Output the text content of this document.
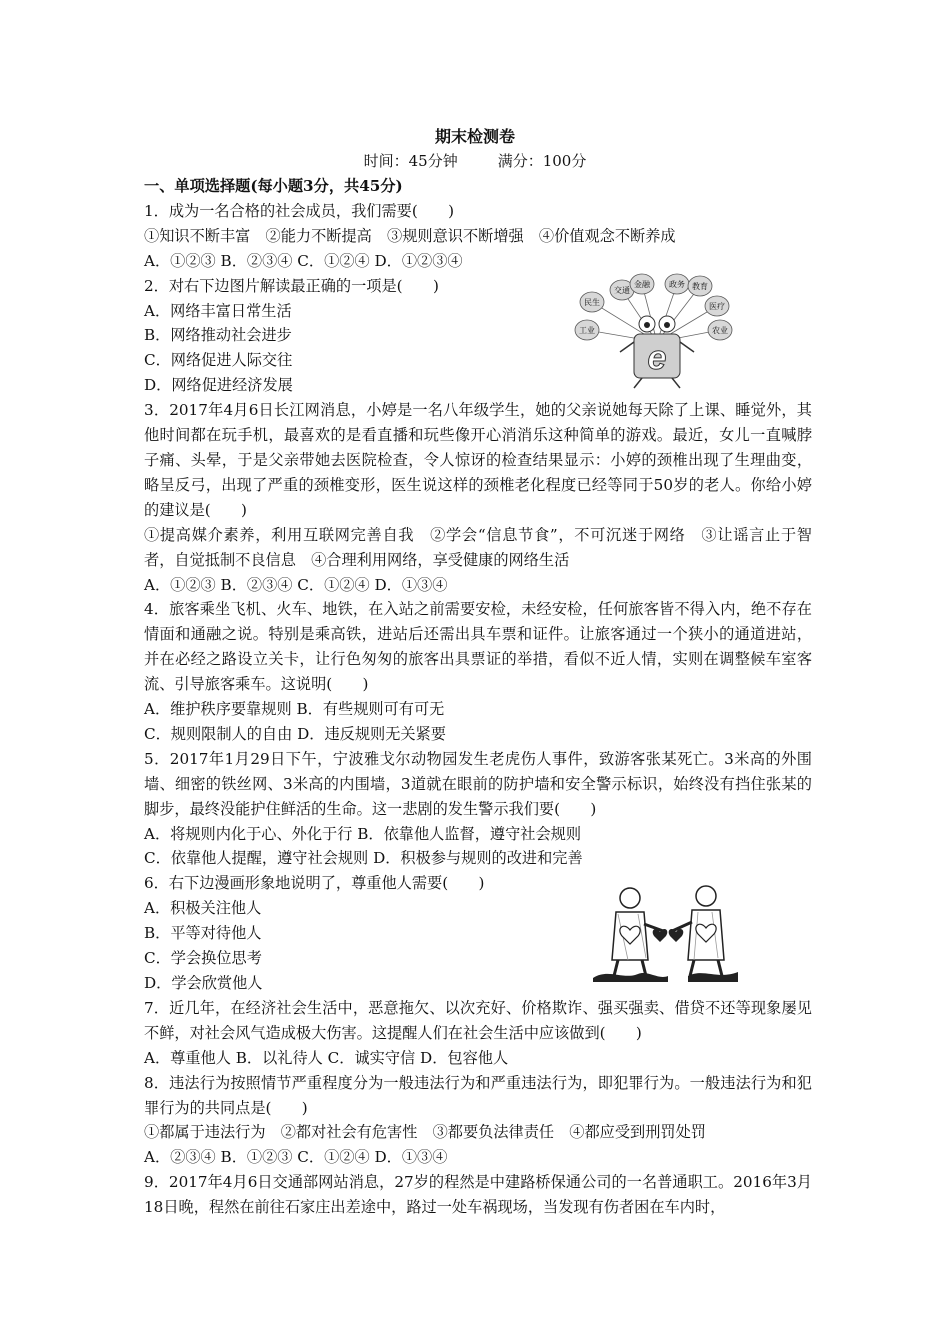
期末检测卷
时间：45分钟	满分：100分

一、单项选择题(每小题3分，共45分)

1．成为一名合格的社会成员，我们需要(　　)

①知识不断丰富　②能力不断提高　③规则意识不断增强　④价值观念不断养成

A．①②③ B．②③④ C．①②④ D．①②③④

2．对右下边图片解读最正确的一项是(　　)

A．网络丰富日常生活

B．网络推动社会进步

C．网络促进人际交往

D．网络促进经济发展

3．2017年4月6日长江网消息，小婷是一名八年级学生，她的父亲说她每天除了上课、睡觉外，其他时间都在玩手机，最喜欢的是看直播和玩些像开心消消乐这种简单的游戏。最近，女儿一直喊脖子痛、头晕，于是父亲带她去医院检查，令人惊讶的检查结果显示：小婷的颈椎出现了生理曲变，略呈反弓，出现了严重的颈椎变形，医生说这样的颈椎老化程度已经等同于50岁的老人。你给小婷的建议是(　　)

①提高媒介素养，利用互联网完善自我　②学会“信息节食”，不可沉迷于网络　③让谣言止于智者，自觉抵制不良信息　④合理利用网络，享受健康的网络生活

A．①②③ B．②③④ C．①②④ D．①③④

4．旅客乘坐飞机、火车、地铁，在入站之前需要安检，未经安检，任何旅客皆不得入内，绝不存在情面和通融之说。特别是乘高铁，进站后还需出具车票和证件。让旅客通过一个狭小的通道进站，并在必经之路设立关卡，让行色匆匆的旅客出具票证的举措，看似不近人情，实则在调整候车室客流、引导旅客乘车。这说明(　　)

A．维护秩序要靠规则 B．有些规则可有可无

C．规则限制人的自由 D．违反规则无关紧要

5．2017年1月29日下午，宁波雅戈尔动物园发生老虎伤人事件，致游客张某死亡。3米高的外围墙、细密的铁丝网、3米高的内围墙，3道就在眼前的防护墙和安全警示标识，始终没有挡住张某的脚步，最终没能护住鲜活的生命。这一悲剧的发生警示我们要(　　)

A．将规则内化于心、外化于行 B．依靠他人监督，遵守社会规则

C．依靠他人提醒，遵守社会规则 D．积极参与规则的改进和完善

6．右下边漫画形象地说明了，尊重他人需要(　　)

A．积极关注他人

B．平等对待他人

C．学会换位思考

D．学会欣赏他人

7．近几年，在经济社会生活中，恶意拖欠、以次充好、价格欺诈、强买强卖、借贷不还等现象屡见不鲜，对社会风气造成极大伤害。这提醒人们在社会生活中应该做到(　　)

A．尊重他人 B．以礼待人 C．诚实守信 D．包容他人

8．违法行为按照情节严重程度分为一般违法行为和严重违法行为，即犯罪行为。一般违法行为和犯罪行为的共同点是(　　)

①都属于违法行为　②都对社会有危害性　③都要负法律责任　④都应受到刑罚处罚

A．②③④ B．①②③ C．①②④ D．①③④

9．2017年4月6日交通部网站消息，27岁的程然是中建路桥保通公司的一名普通职工。2016年3月18日晚，程然在前往石家庄出差途中，路过一处车祸现场，当发现有伤者困在车内时，

民生
交通
金融 政务 教育
医疗
工业	农业
e
